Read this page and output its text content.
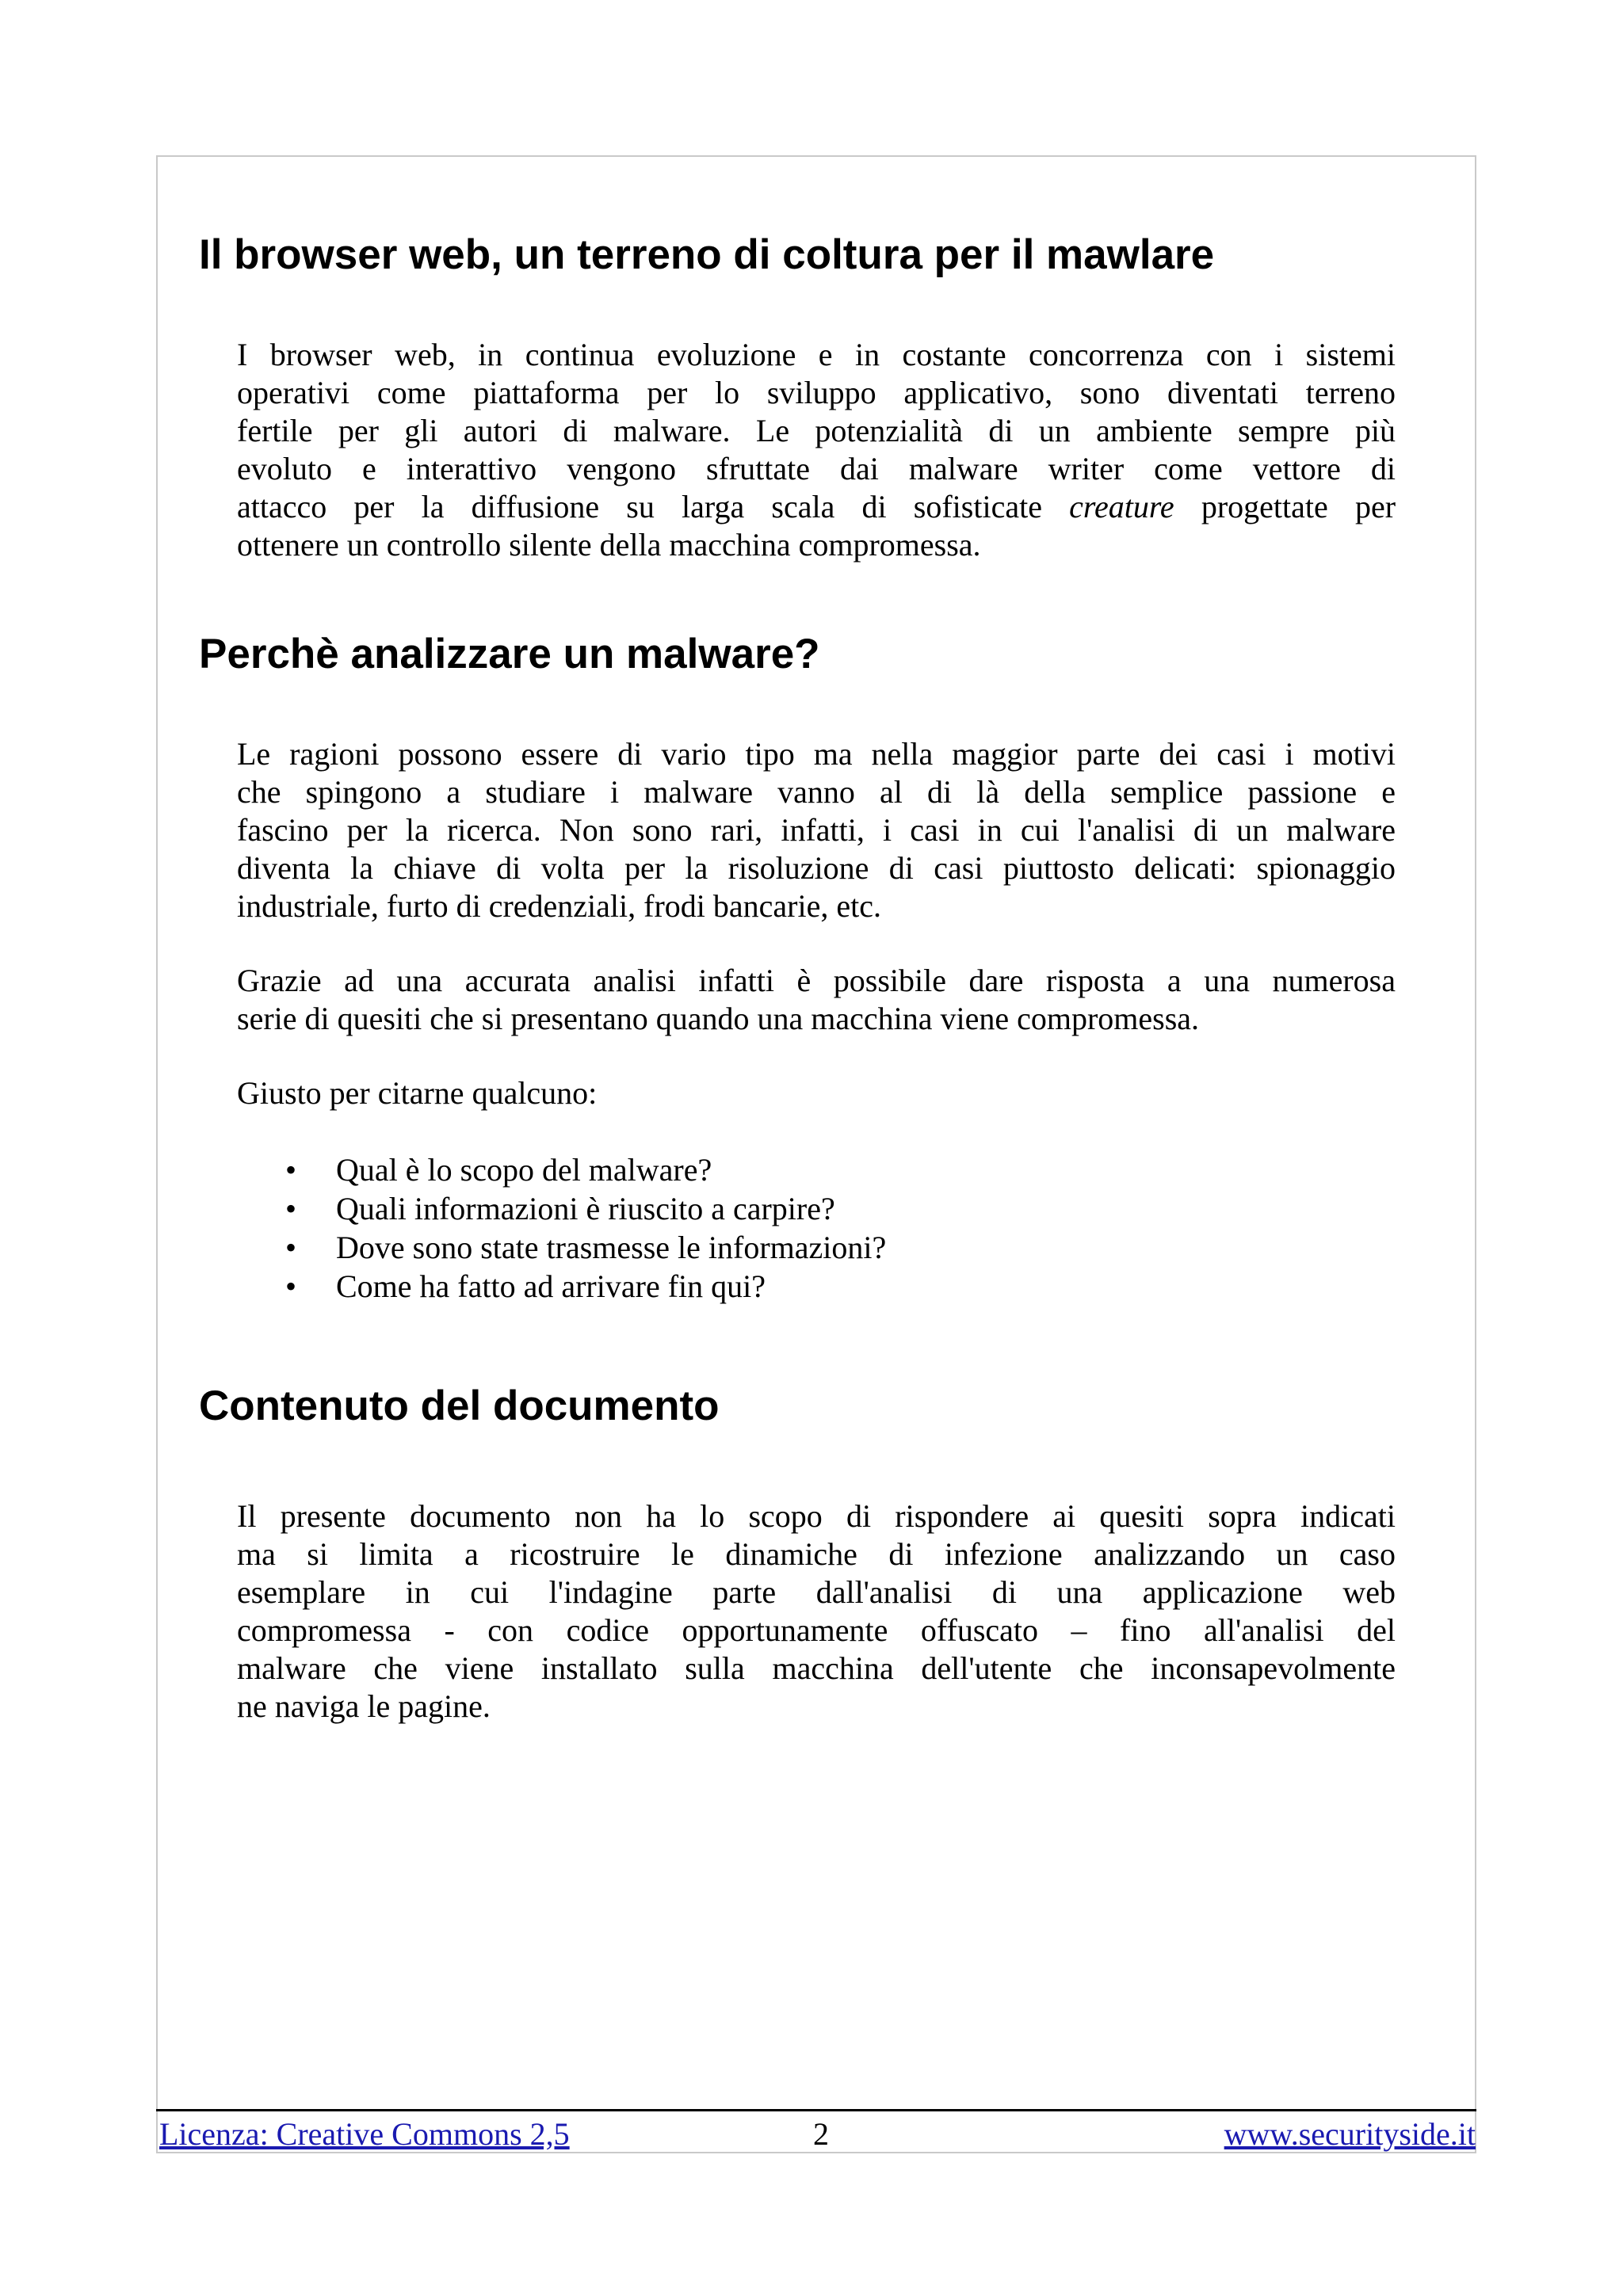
Il browser web, un terreno di coltura per il mawlare
I browser web, in continua evoluzione e in costante concorrenza con i sistemi
operativi come piattaforma per lo sviluppo applicativo, sono diventati terreno
fertile per gli autori di malware. Le potenzialità di un ambiente sempre più
evoluto e interattivo vengono sfruttate dai malware writer come vettore di
attacco per la diffusione su larga scala di sofisticate creature progettate per
ottenere un controllo silente della macchina compromessa.
Perchè analizzare un malware?
Le ragioni possono essere di vario tipo ma nella maggior parte dei casi i motivi
che spingono a studiare i malware vanno al di là della semplice passione e
fascino per la ricerca. Non sono rari, infatti, i casi in cui l'analisi di un malware
diventa la chiave di volta per la risoluzione di casi piuttosto delicati: spionaggio
industriale, furto di credenziali, frodi bancarie, etc.
Grazie ad una accurata analisi infatti è possibile dare risposta a una numerosa
serie di quesiti che si presentano quando una macchina viene compromessa.

Giusto per citarne qualcuno:

• Qual è lo scopo del malware?
• Quali informazioni è riuscito a carpire?
• Dove sono state trasmesse le informazioni?
• Come ha fatto ad arrivare fin qui?
Contenuto del documento
Il presente documento non ha lo scopo di rispondere ai quesiti sopra indicati
ma si limita a ricostruire le dinamiche di infezione analizzando un caso
esemplare in cui l'indagine parte dall'analisi di una applicazione web
compromessa - con codice opportunamente offuscato – fino all'analisi del
malware che viene installato sulla macchina dell'utente che inconsapevolmente
ne naviga le pagine.
Licenza: Creative Commons 2,5	2	www.securityside.it
